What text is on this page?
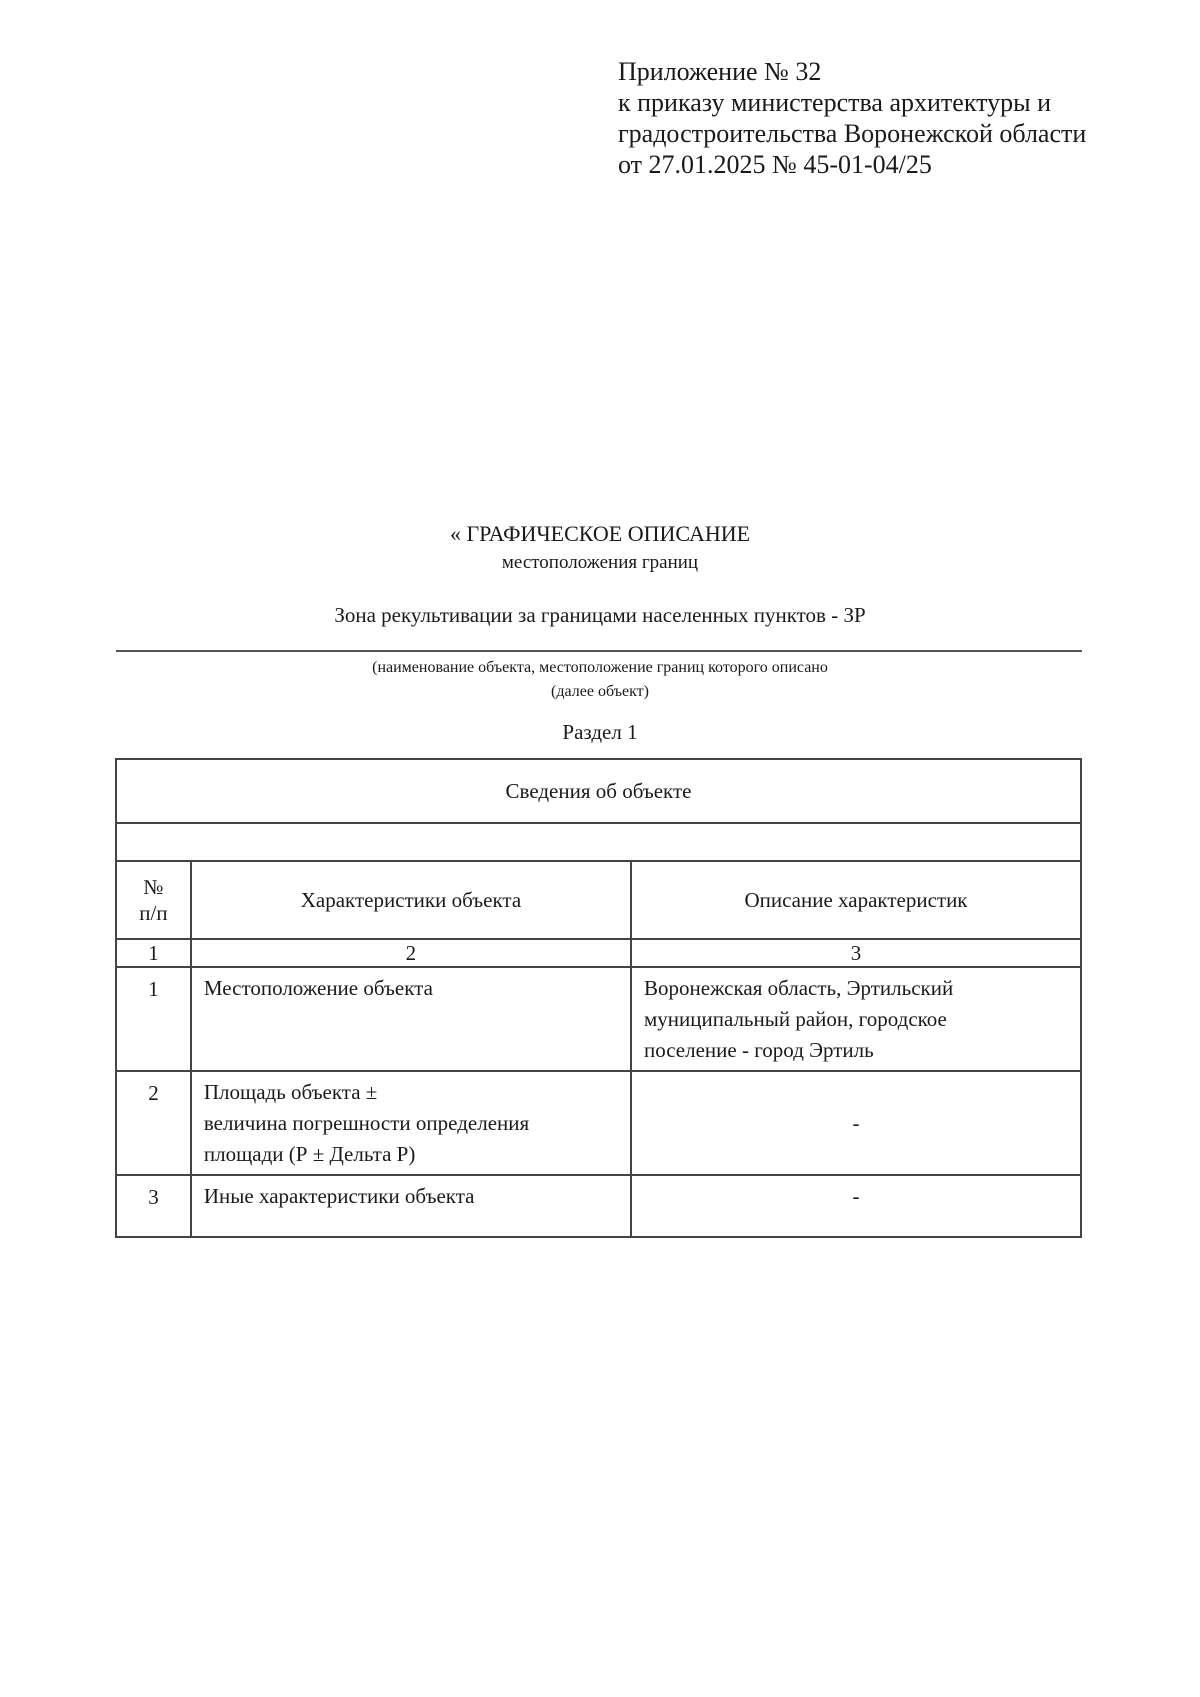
Приложение № 32
к приказу министерства архитектуры и
градостроительства Воронежской области
от 27.01.2025 № 45-01-04/25
« ГРАФИЧЕСКОЕ ОПИСАНИЕ
местоположения границ
Зона рекультивации за границами населенных пунктов - ЗР
(наименование объекта, местоположение границ которого описано
(далее объект)
Раздел 1
Сведения об объекте		

№
п/п	Характеристики объекта	Описание характеристик
1	2	3
1	Местоположение объекта	Воронежская область, Эртильский
муниципальный район, городское
поселение - город Эртиль

2	Площадь объекта ±
величина погрешности определения
площади (Р ± Дельта Р)	-
3	Иные характеристики объекта	-
